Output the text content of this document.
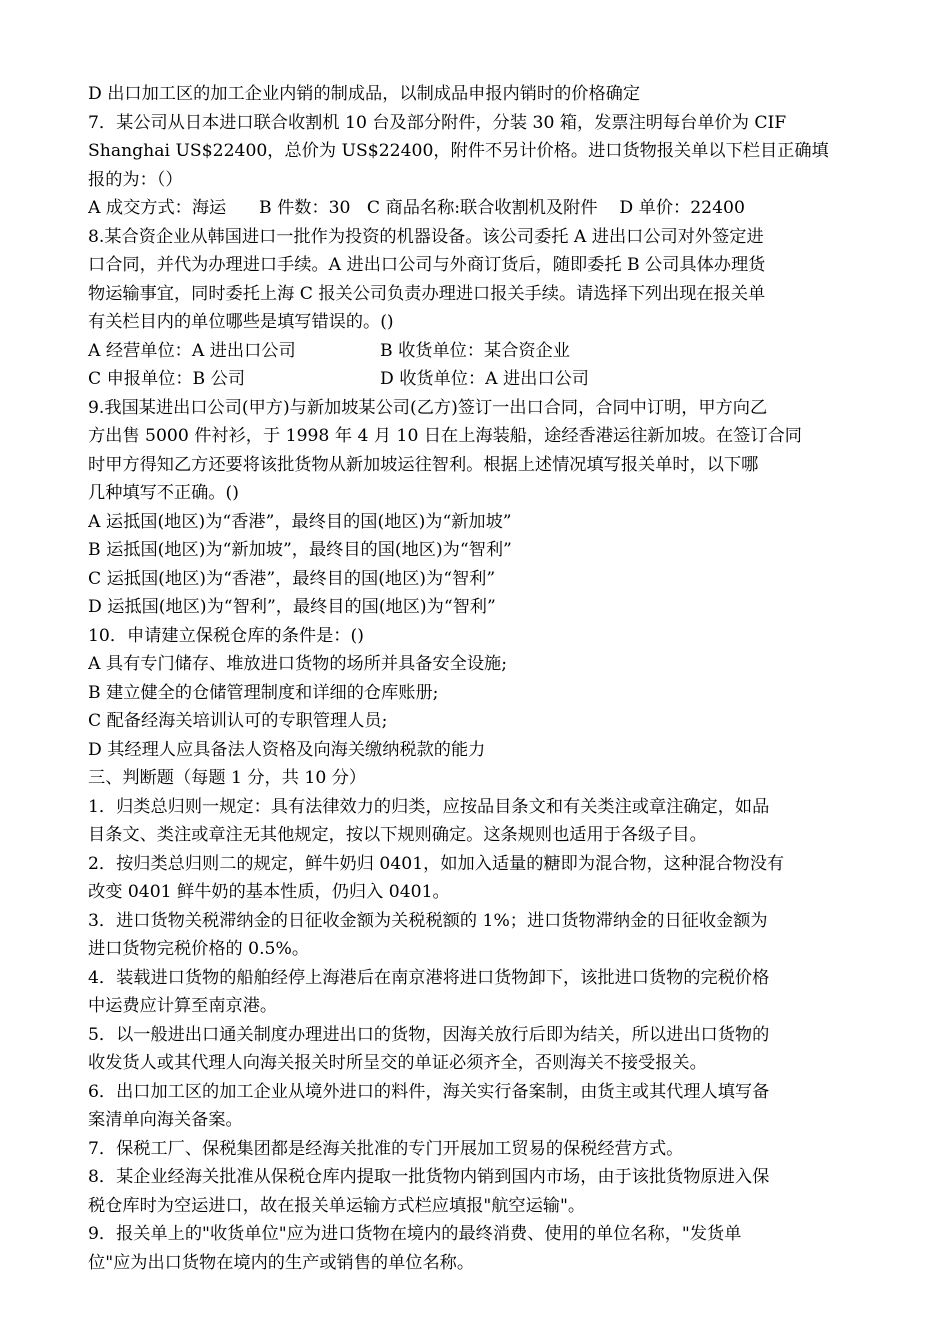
D 出口加工区的加工企业内销的制成品，以制成品申报内销时的价格确定
7．某公司从日本进口联合收割机 10 台及部分附件，分装 30 箱，发票注明每台单价为 CIF
Shanghai US$22400，总价为 US$22400，附件不另计价格。进口货物报关单以下栏目正确填
报的为：（）
A 成交方式：海运      B 件数：30   C 商品名称:联合收割机及附件    D 单价：22400
8.某合资企业从韩国进口一批作为投资的机器设备。该公司委托 A 进出口公司对外签定进
口合同，并代为办理进口手续。A 进出口公司与外商订货后，随即委托 B 公司具体办理货
物运输事宜，同时委托上海 C 报关公司负责办理进口报关手续。请选择下列出现在报关单
有关栏目内的单位哪些是填写错误的。()
A 经营单位：A 进出口公司	B 收货单位：某合资企业
C 申报单位：B 公司	D 收货单位：A 进出口公司
9.我国某进出口公司(甲方)与新加坡某公司(乙方)签订一出口合同，合同中订明，甲方向乙
方出售 5000 件衬衫，于 1998 年 4 月 10 日在上海装船，途经香港运往新加坡。在签订合同
时甲方得知乙方还要将该批货物从新加坡运往智利。根据上述情况填写报关单时，以下哪
几种填写不正确。()
A 运抵国(地区)为“香港”，最终目的国(地区)为“新加坡”
B 运抵国(地区)为“新加坡”，最终目的国(地区)为“智利”
C 运抵国(地区)为“香港”，最终目的国(地区)为“智利”
D 运抵国(地区)为“智利”，最终目的国(地区)为“智利”
10．申请建立保税仓库的条件是：()
A 具有专门储存、堆放进口货物的场所并具备安全设施;
B 建立健全的仓储管理制度和详细的仓库账册;
C 配备经海关培训认可的专职管理人员;
D 其经理人应具备法人资格及向海关缴纳税款的能力
三、判断题（每题 1 分，共 10 分）
1．归类总归则一规定：具有法律效力的归类，应按品目条文和有关类注或章注确定，如品
目条文、类注或章注无其他规定，按以下规则确定。这条规则也适用于各级子目。
2．按归类总归则二的规定，鲜牛奶归 0401，如加入适量的糖即为混合物，这种混合物没有
改变 0401 鲜牛奶的基本性质，仍归入 0401。
3．进口货物关税滞纳金的日征收金额为关税税额的 1%；进口货物滞纳金的日征收金额为
进口货物完税价格的 0.5%。
4．装载进口货物的船舶经停上海港后在南京港将进口货物卸下，该批进口货物的完税价格
中运费应计算至南京港。
5．以一般进出口通关制度办理进出口的货物，因海关放行后即为结关，所以进出口货物的
收发货人或其代理人向海关报关时所呈交的单证必须齐全，否则海关不接受报关。
6．出口加工区的加工企业从境外进口的料件，海关实行备案制，由货主或其代理人填写备
案清单向海关备案。
7．保税工厂、保税集团都是经海关批准的专门开展加工贸易的保税经营方式。
8．某企业经海关批准从保税仓库内提取一批货物内销到国内市场，由于该批货物原进入保
税仓库时为空运进口，故在报关单运输方式栏应填报"航空运输"。
9．报关单上的"收货单位"应为进口货物在境内的最终消费、使用的单位名称，"发货单
位"应为出口货物在境内的生产或销售的单位名称。
